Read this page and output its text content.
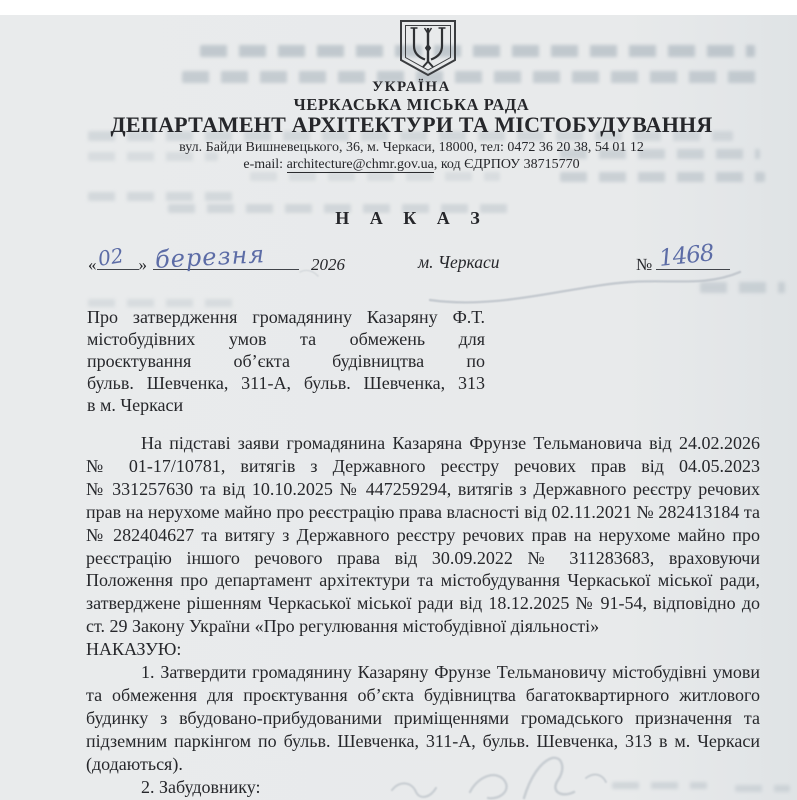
УКРАЇНА
ЧЕРКАСЬКА МІСЬКА РАДА
ДЕПАРТАМЕНТ АРХІТЕКТУРИ ТА МІСТОБУДУВАННЯ
вул. Байди Вишневецького, 36, м. Черкаси, 18000, тел: 0472 36 20 38, 54 01 12
e-mail: architecture@chmr.gov.ua, код ЄДРПОУ 38715770
Н А К А З
« 02 » березня	2026	м. Черкаси	№ 1468
Про затвердження громадянину Казаряну Ф.Т.
містобудівних умов та обмежень для
проєктування об’єкта будівництва по
бульв. Шевченка, 311-А, бульв. Шевченка, 313
в м. Черкаси

На підставі заяви громадянина Казаряна Фрунзе Тельмановича від 24.02.2026 № 01-17/10781, витягів з Державного реєстру речових прав від 04.05.2023 № 331257630 та від 10.10.2025 № 447259294, витягів з Державного реєстру речових прав на нерухоме майно про реєстрацію права власності від 02.11.2021 № 282413184 та № 282404627 та витягу з Державного реєстру речових прав на нерухоме майно про реєстрацію іншого речового права від 30.09.2022 № 311283683, враховуючи Положення про департамент архітектури та містобудування Черкаської міської ради, затверджене рішенням Черкаської міської ради від 18.12.2025 № 91-54, відповідно до ст. 29 Закону України «Про регулювання містобудівної діяльності»

НАКАЗУЮ:

1. Затвердити громадянину Казаряну Фрунзе Тельмановичу містобудівні умови та обмеження для проєктування об’єкта будівництва багатоквартирного житлового будинку з вбудовано-прибудованими приміщеннями громадського призначення та підземним паркінгом по бульв. Шевченка, 311-А, бульв. Шевченка, 313 в м. Черкаси (додаються).

2. Забудовнику:
